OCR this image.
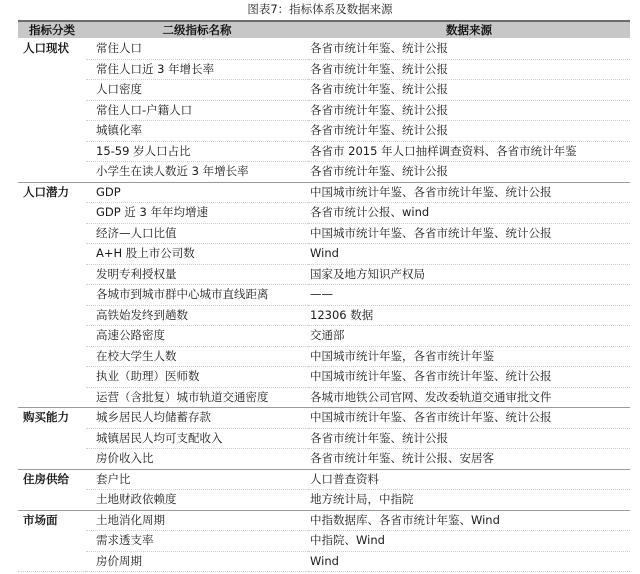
图表7：指标体系及数据来源
指标分类	二级指标名称	数据来源

人口现状	常住人口	各省市统计年鉴、统计公报
	常住人口近 3 年增长率	各省市统计年鉴、统计公报
	人口密度	各省市统计年鉴、统计公报
	常住人口-户籍人口	各省市统计年鉴、统计公报
	城镇化率	各省市统计年鉴、统计公报
	15-59 岁人口占比	各省市 2015 年人口抽样调查资料、各省市统计年鉴
	小学生在读人数近 3 年增长率	各省市统计年鉴、统计公报

人口潜力	GDP	中国城市统计年鉴、各省市统计年鉴、统计公报
	GDP 近 3 年年均增速	各省市统计公报、wind
	经济—人口比值	中国城市统计年鉴、各省市统计年鉴、统计公报
	A+H 股上市公司数	Wind
	发明专利授权量	国家及地方知识产权局
	各城市到城市群中心城市直线距离	——
	高铁始发终到趟数	12306 数据
	高速公路密度	交通部
	在校大学生人数	中国城市统计年鉴，各省市统计年鉴
	执业（助理）医师数	中国城市统计年鉴、各省市统计年鉴、统计公报
	运营（含批复）城市轨道交通密度	各城市地铁公司官网、发改委轨道交通审批文件

购买能力	城乡居民人均储蓄存款	中国城市统计年鉴、各省市统计年鉴、统计公报
	城镇居民人均可支配收入	各省市统计年鉴、统计公报
	房价收入比	各省市统计年鉴、统计公报、安居客

住房供给	套户比	人口普查资料
	土地财政依赖度	地方统计局，中指院

市场面	土地消化周期	中指数据库、各省市统计年鉴、Wind
	需求透支率	中指院、Wind
	房价周期	Wind
